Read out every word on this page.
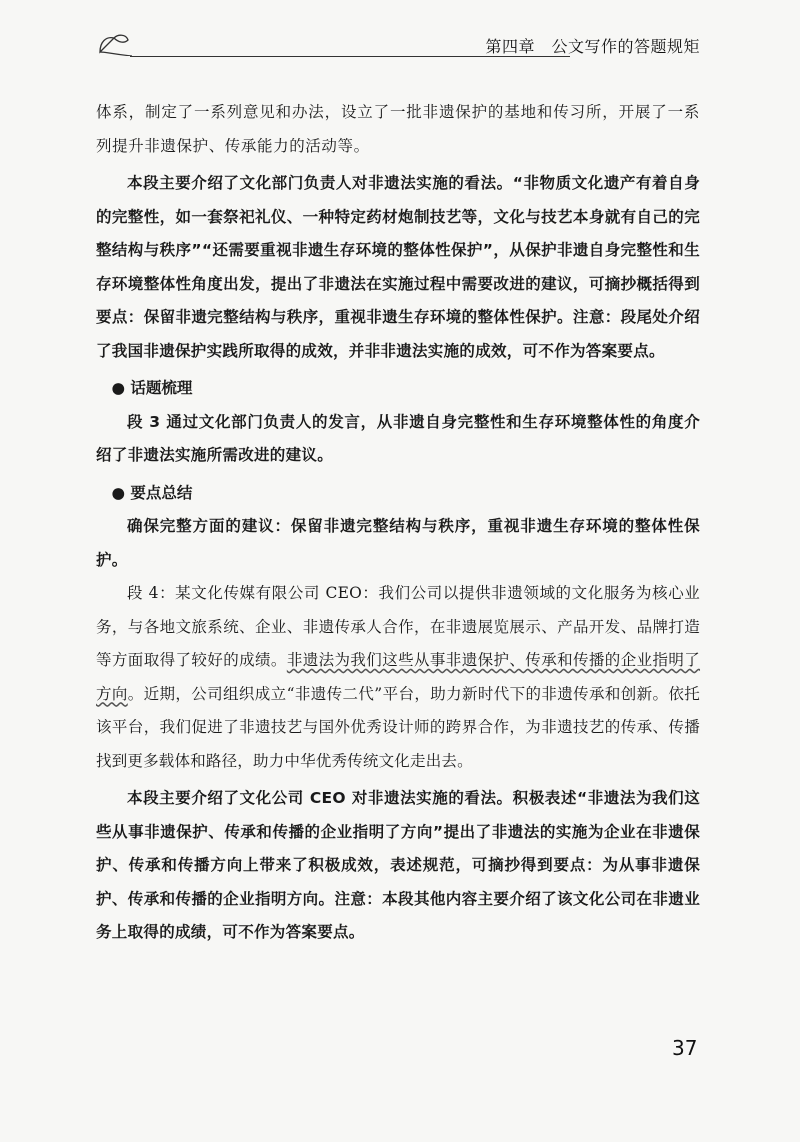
第四章　公文写作的答题规矩

体系，制定了一系列意见和办法，设立了一批非遗保护的基地和传习所，开展了一系列提升非遗保护、传承能力的活动等。

本段主要介绍了文化部门负责人对非遗法实施的看法。“非物质文化遗产有着自身的完整性，如一套祭祀礼仪、一种特定药材炮制技艺等，文化与技艺本身就有自己的完整结构与秩序”“还需要重视非遗生存环境的整体性保护”，从保护非遗自身完整性和生存环境整体性角度出发，提出了非遗法在实施过程中需要改进的建议，可摘抄概括得到要点：保留非遗完整结构与秩序，重视非遗生存环境的整体性保护。注意：段尾处介绍了我国非遗保护实践所取得的成效，并非非遗法实施的成效，可不作为答案要点。

● 话题梳理

段 3 通过文化部门负责人的发言，从非遗自身完整性和生存环境整体性的角度介绍了非遗法实施所需改进的建议。

● 要点总结

确保完整方面的建议：保留非遗完整结构与秩序，重视非遗生存环境的整体性保护。

段 4：某文化传媒有限公司 CEO：我们公司以提供非遗领域的文化服务为核心业务，与各地文旅系统、企业、非遗传承人合作，在非遗展览展示、产品开发、品牌打造等方面取得了较好的成绩。非遗法为我们这些从事非遗保护、传承和传播的企业指明了方向。近期，公司组织成立“非遗传二代”平台，助力新时代下的非遗传承和创新。依托该平台，我们促进了非遗技艺与国外优秀设计师的跨界合作，为非遗技艺的传承、传播找到更多载体和路径，助力中华优秀传统文化走出去。

本段主要介绍了文化公司 CEO 对非遗法实施的看法。积极表述“非遗法为我们这些从事非遗保护、传承和传播的企业指明了方向”提出了非遗法的实施为企业在非遗保护、传承和传播方向上带来了积极成效，表述规范，可摘抄得到要点：为从事非遗保护、传承和传播的企业指明方向。注意：本段其他内容主要介绍了该文化公司在非遗业务上取得的成绩，可不作为答案要点。

37
